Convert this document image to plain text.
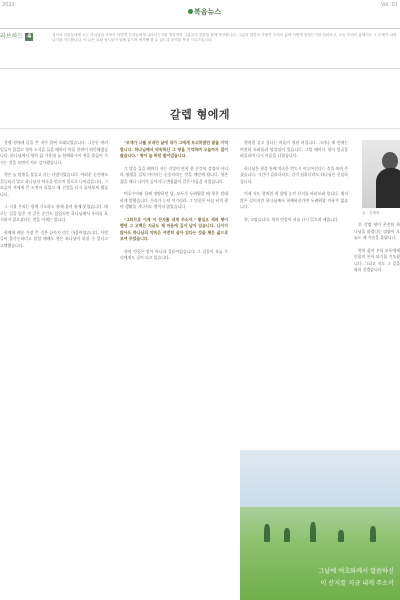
2022
복음뉴스
Vol. 01
라브하드 4	성서의 인물들에게 오는 하나님의 사역이 어떻게 우리들에게 나타나는지를 생각하며 그분들의 말씀을 함께 묵상합니다. 그분의 말씀과 사랑이 우리의 삶에 어떻게 임하는지를 살펴보고, 오늘 우리의 삶에서도 그 은혜가 나타나기를 기도합니다. 이 글은 교회 성도들이 함께 읽으며 생각해 볼 수 있도록 준비된 묵상 시리즈입니다.
갈렙 형에게

갈렙 형에게 글을 쓴 지가 벌써 오래되었습니다. 그동안 여러 일들이 있었고 형의 소식을 들을 때마다 마음 한편이 따뜻해졌습니다. 하나님께서 형의 삶 가운데 늘 함께하시며 형을 붙들어 주시는 것을 보면서 저도 감사했습니다.

형은 늘 말씀을 붙들고 사는 사람이었습니다. 어려운 순간에도 흔들리지 않고 하나님의 약속을 믿으며 앞으로 나아갔습니다. 그 모습이 저에게 큰 도전이 되었고 제 신앙을 다시 돌아보게 했습니다.

그 시절 우리는 함께 기도하고 함께 울며 함께 웃었습니다. 때로는 길을 잃은 것 같은 순간도 있었지만 하나님께서 우리를 포기하지 않으셨다는 것을 이제는 압니다.

형에게 배운 가장 큰 것은 끝까지 믿는 마음이었습니다. 사람들이 불가능하다고 말할 때에도 형은 하나님이 하실 수 있다고 고백했습니다.

"모세가 나를 보내던 날에 내가 그에게 보고하였던 말을 기억합니다. 하나님께서 약속하신 그 땅을 기억하며 오늘까지 걸어왔습니다." 형이 늘 하던 말이었습니다.

그 말을 들을 때마다 저는 신앙이 단지 한 순간의 감정이 아니라 평생을 걸쳐 이어지는 순종이라는 것을 깨닫게 됩니다. 형은 젊을 때나 나이가 들어서나 변함없이 같은 마음을 지켰습니다.

여호수아와 함께 정탐하던 날, 모두가 두려워할 때 형은 담대하게 말했습니다. 우리가 능히 이기리라. 그 믿음은 사십 년의 광야 생활을 지나서도 꺾이지 않았습니다.

"그러므로 이제 이 산지를 내게 주소서." 팔십오 세의 형이 했던 그 고백은 지금도 제 마음에 깊이 남아 있습니다. 나이가 많아도 하나님의 약속은 여전히 살아 있다는 것을 형은 삶으로 보여 주었습니다.

형의 믿음은 말이 아니라 걸음이었습니다. 그 걸음이 오늘 우리에게도 길이 되고 있습니다.

형처럼 살고 싶다는 마음이 점점 커집니다. 그러나 제 안에는 여전히 두려움과 망설임이 있습니다. 그럴 때마다 형의 얼굴을 떠올리며 다시 마음을 다잡습니다.

하나님은 형을 통해 약속은 반드시 이루어진다는 것을 보여 주셨습니다. 시간이 걸리더라도, 길이 험하더라도 하나님은 신실하십니다.

이제 저도 형처럼 제 앞에 놓인 산지를 바라보려 합니다. 쉽지 않은 길이지만 하나님께서 함께하신다면 두려워할 이유가 없습니다.

형, 고맙습니다. 형의 믿음이 저를 다시 일으켜 세웁니다.

글 · 김재성

오 갈렙 형이 온전히 하나님을 따랐다는 말씀이 오늘도 제 가슴을 울립니다.

형의 삶이 우리 모두에게 믿음의 본이 되기를 기도합니다. 그리고 저도 그 길을 따라 걷겠습니다.

그날에 여호와께서 말씀하신
이 산지를 지금 내게 주소서
